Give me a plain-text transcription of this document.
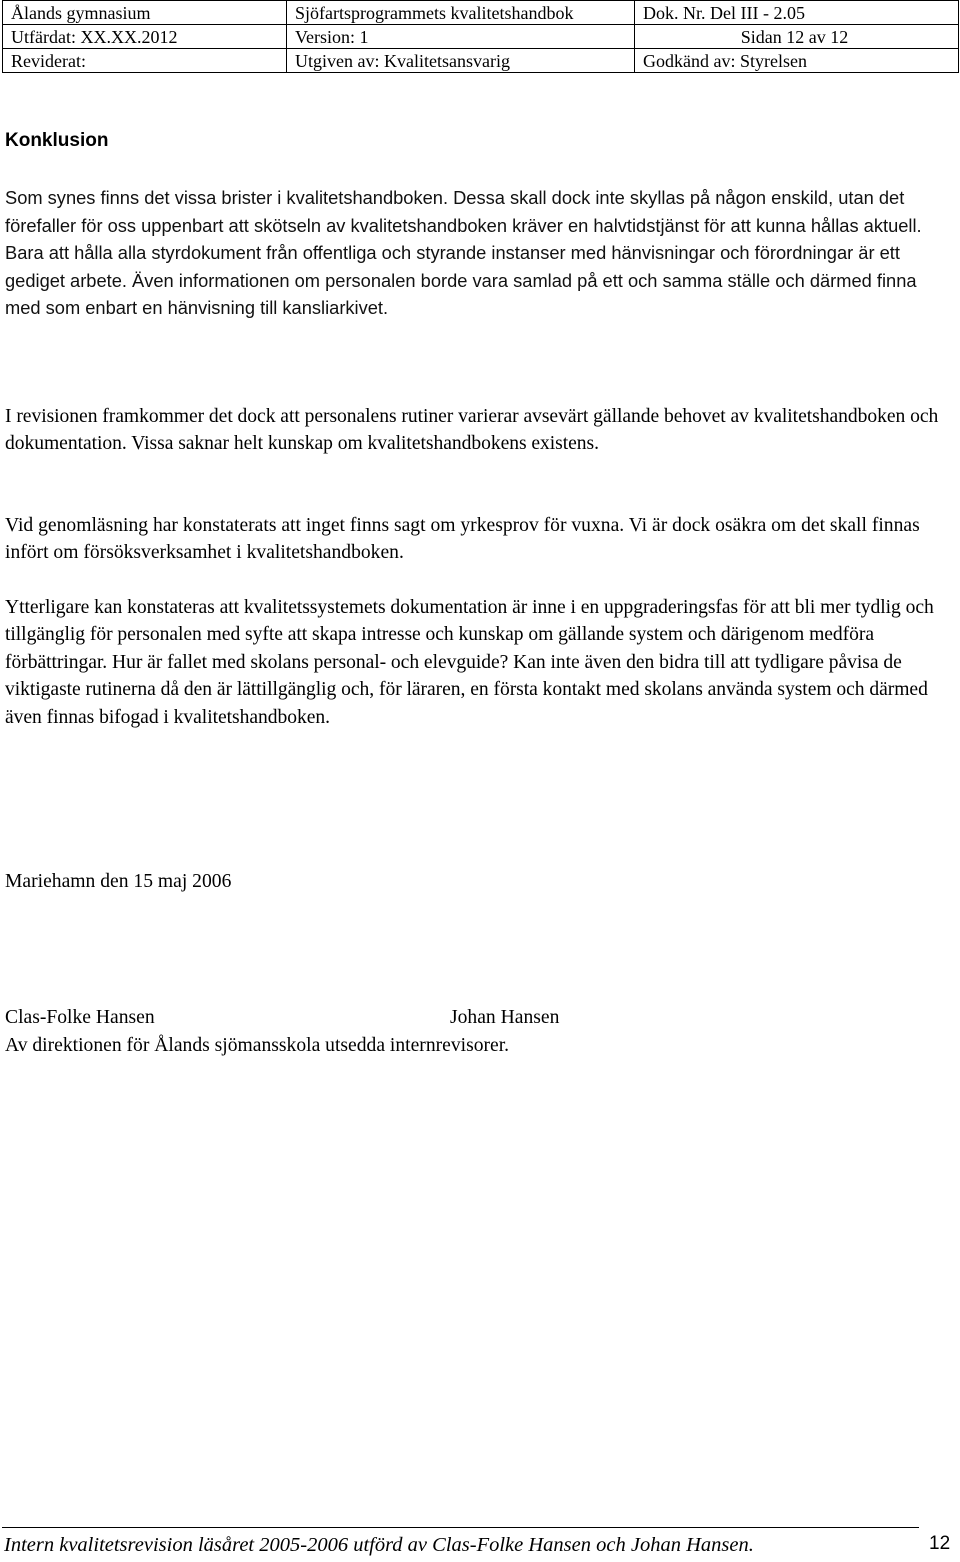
Ålands gymnasium	Sjöfartsprogrammets kvalitetshandbok	Dok. Nr. Del III - 2.05
Utfärdat: XX.XX.2012	Version: 1	Sidan 12 av 12
Reviderat:	Utgiven av: Kvalitetsansvarig	Godkänd av: Styrelsen
Konklusion

Som synes finns det vissa brister i kvalitetshandboken. Dessa skall dock inte skyllas på någon enskild, utan det förefaller för oss uppenbart att skötseln av kvalitetshandboken kräver en halvtidstjänst för att kunna hållas aktuell. Bara att hålla alla styrdokument från offentliga och styrande instanser med hänvisningar och förordningar är ett gediget arbete. Även informationen om personalen borde vara samlad på ett och samma ställe och därmed finna med som enbart en hänvisning till kansliarkivet.

I revisionen framkommer det dock att personalens rutiner varierar avsevärt gällande behovet av kvalitetshandboken och dokumentation. Vissa saknar helt kunskap om kvalitetshandbokens existens.

Vid genomläsning har konstaterats att inget finns sagt om yrkesprov för vuxna. Vi är dock osäkra om det skall finnas infört om försöksverksamhet i kvalitetshandboken.

Ytterligare kan konstateras att kvalitetssystemets dokumentation är inne i en uppgraderingsfas för att bli mer tydlig och tillgänglig för personalen med syfte att skapa intresse och kunskap om gällande system och därigenom medföra förbättringar. Hur är fallet med skolans personal- och elevguide? Kan inte även den bidra till att tydligare påvisa de viktigaste rutinerna då den är lättillgänglig och, för läraren, en första kontakt med skolans använda system och därmed även finnas bifogad i kvalitetshandboken.

Mariehamn den 15 maj 2006

Clas-Folke Hansen	Johan Hansen

Av direktionen för Ålands sjömansskola utsedda internrevisorer.

Intern kvalitetsrevision läsåret 2005-2006 utförd av Clas-Folke Hansen och Johan Hansen.	12
